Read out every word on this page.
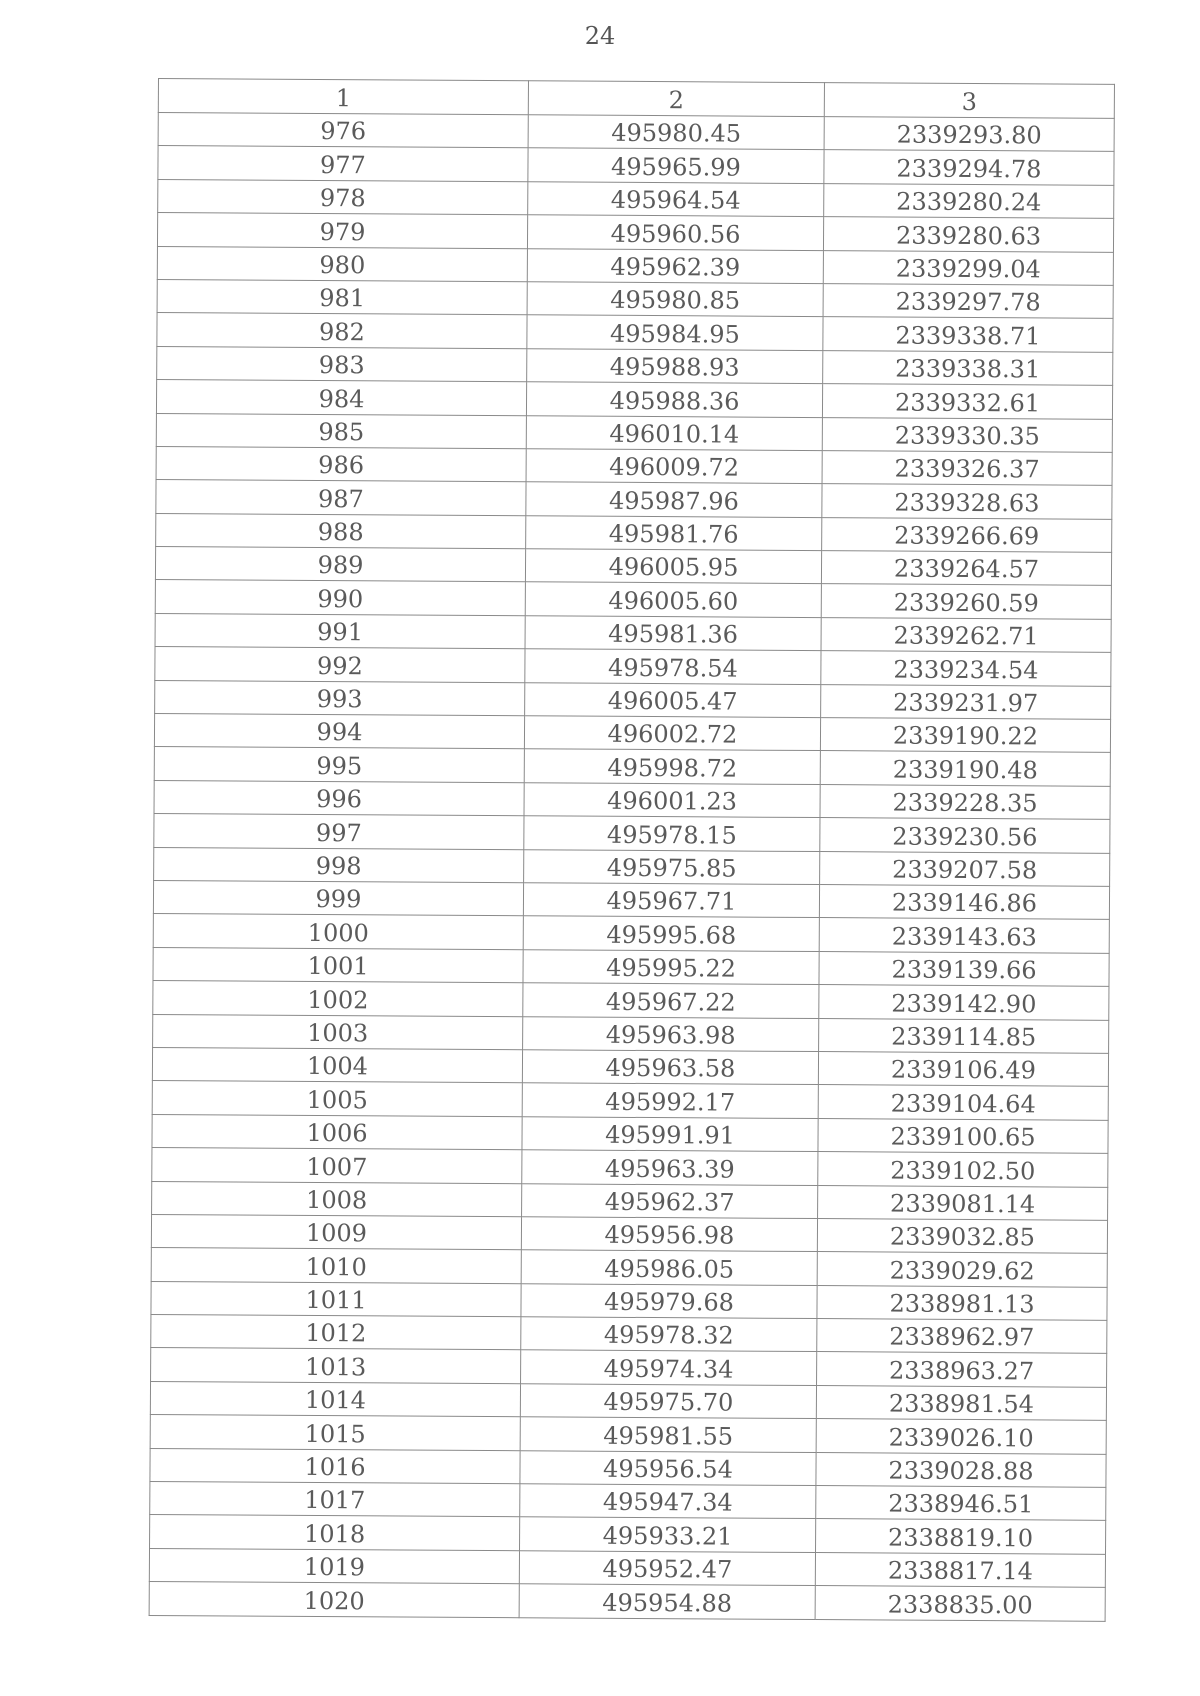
24
1	2	3
976	495980.45	2339293.80
977	495965.99	2339294.78
978	495964.54	2339280.24
979	495960.56	2339280.63
980	495962.39	2339299.04
981	495980.85	2339297.78
982	495984.95	2339338.71
983	495988.93	2339338.31
984	495988.36	2339332.61
985	496010.14	2339330.35
986	496009.72	2339326.37
987	495987.96	2339328.63
988	495981.76	2339266.69
989	496005.95	2339264.57
990	496005.60	2339260.59
991	495981.36	2339262.71
992	495978.54	2339234.54
993	496005.47	2339231.97
994	496002.72	2339190.22
995	495998.72	2339190.48
996	496001.23	2339228.35
997	495978.15	2339230.56
998	495975.85	2339207.58
999	495967.71	2339146.86
1000	495995.68	2339143.63
1001	495995.22	2339139.66
1002	495967.22	2339142.90
1003	495963.98	2339114.85
1004	495963.58	2339106.49
1005	495992.17	2339104.64
1006	495991.91	2339100.65
1007	495963.39	2339102.50
1008	495962.37	2339081.14
1009	495956.98	2339032.85
1010	495986.05	2339029.62
1011	495979.68	2338981.13
1012	495978.32	2338962.97
1013	495974.34	2338963.27
1014	495975.70	2338981.54
1015	495981.55	2339026.10
1016	495956.54	2339028.88
1017	495947.34	2338946.51
1018	495933.21	2338819.10
1019	495952.47	2338817.14
1020	495954.88	2338835.00
